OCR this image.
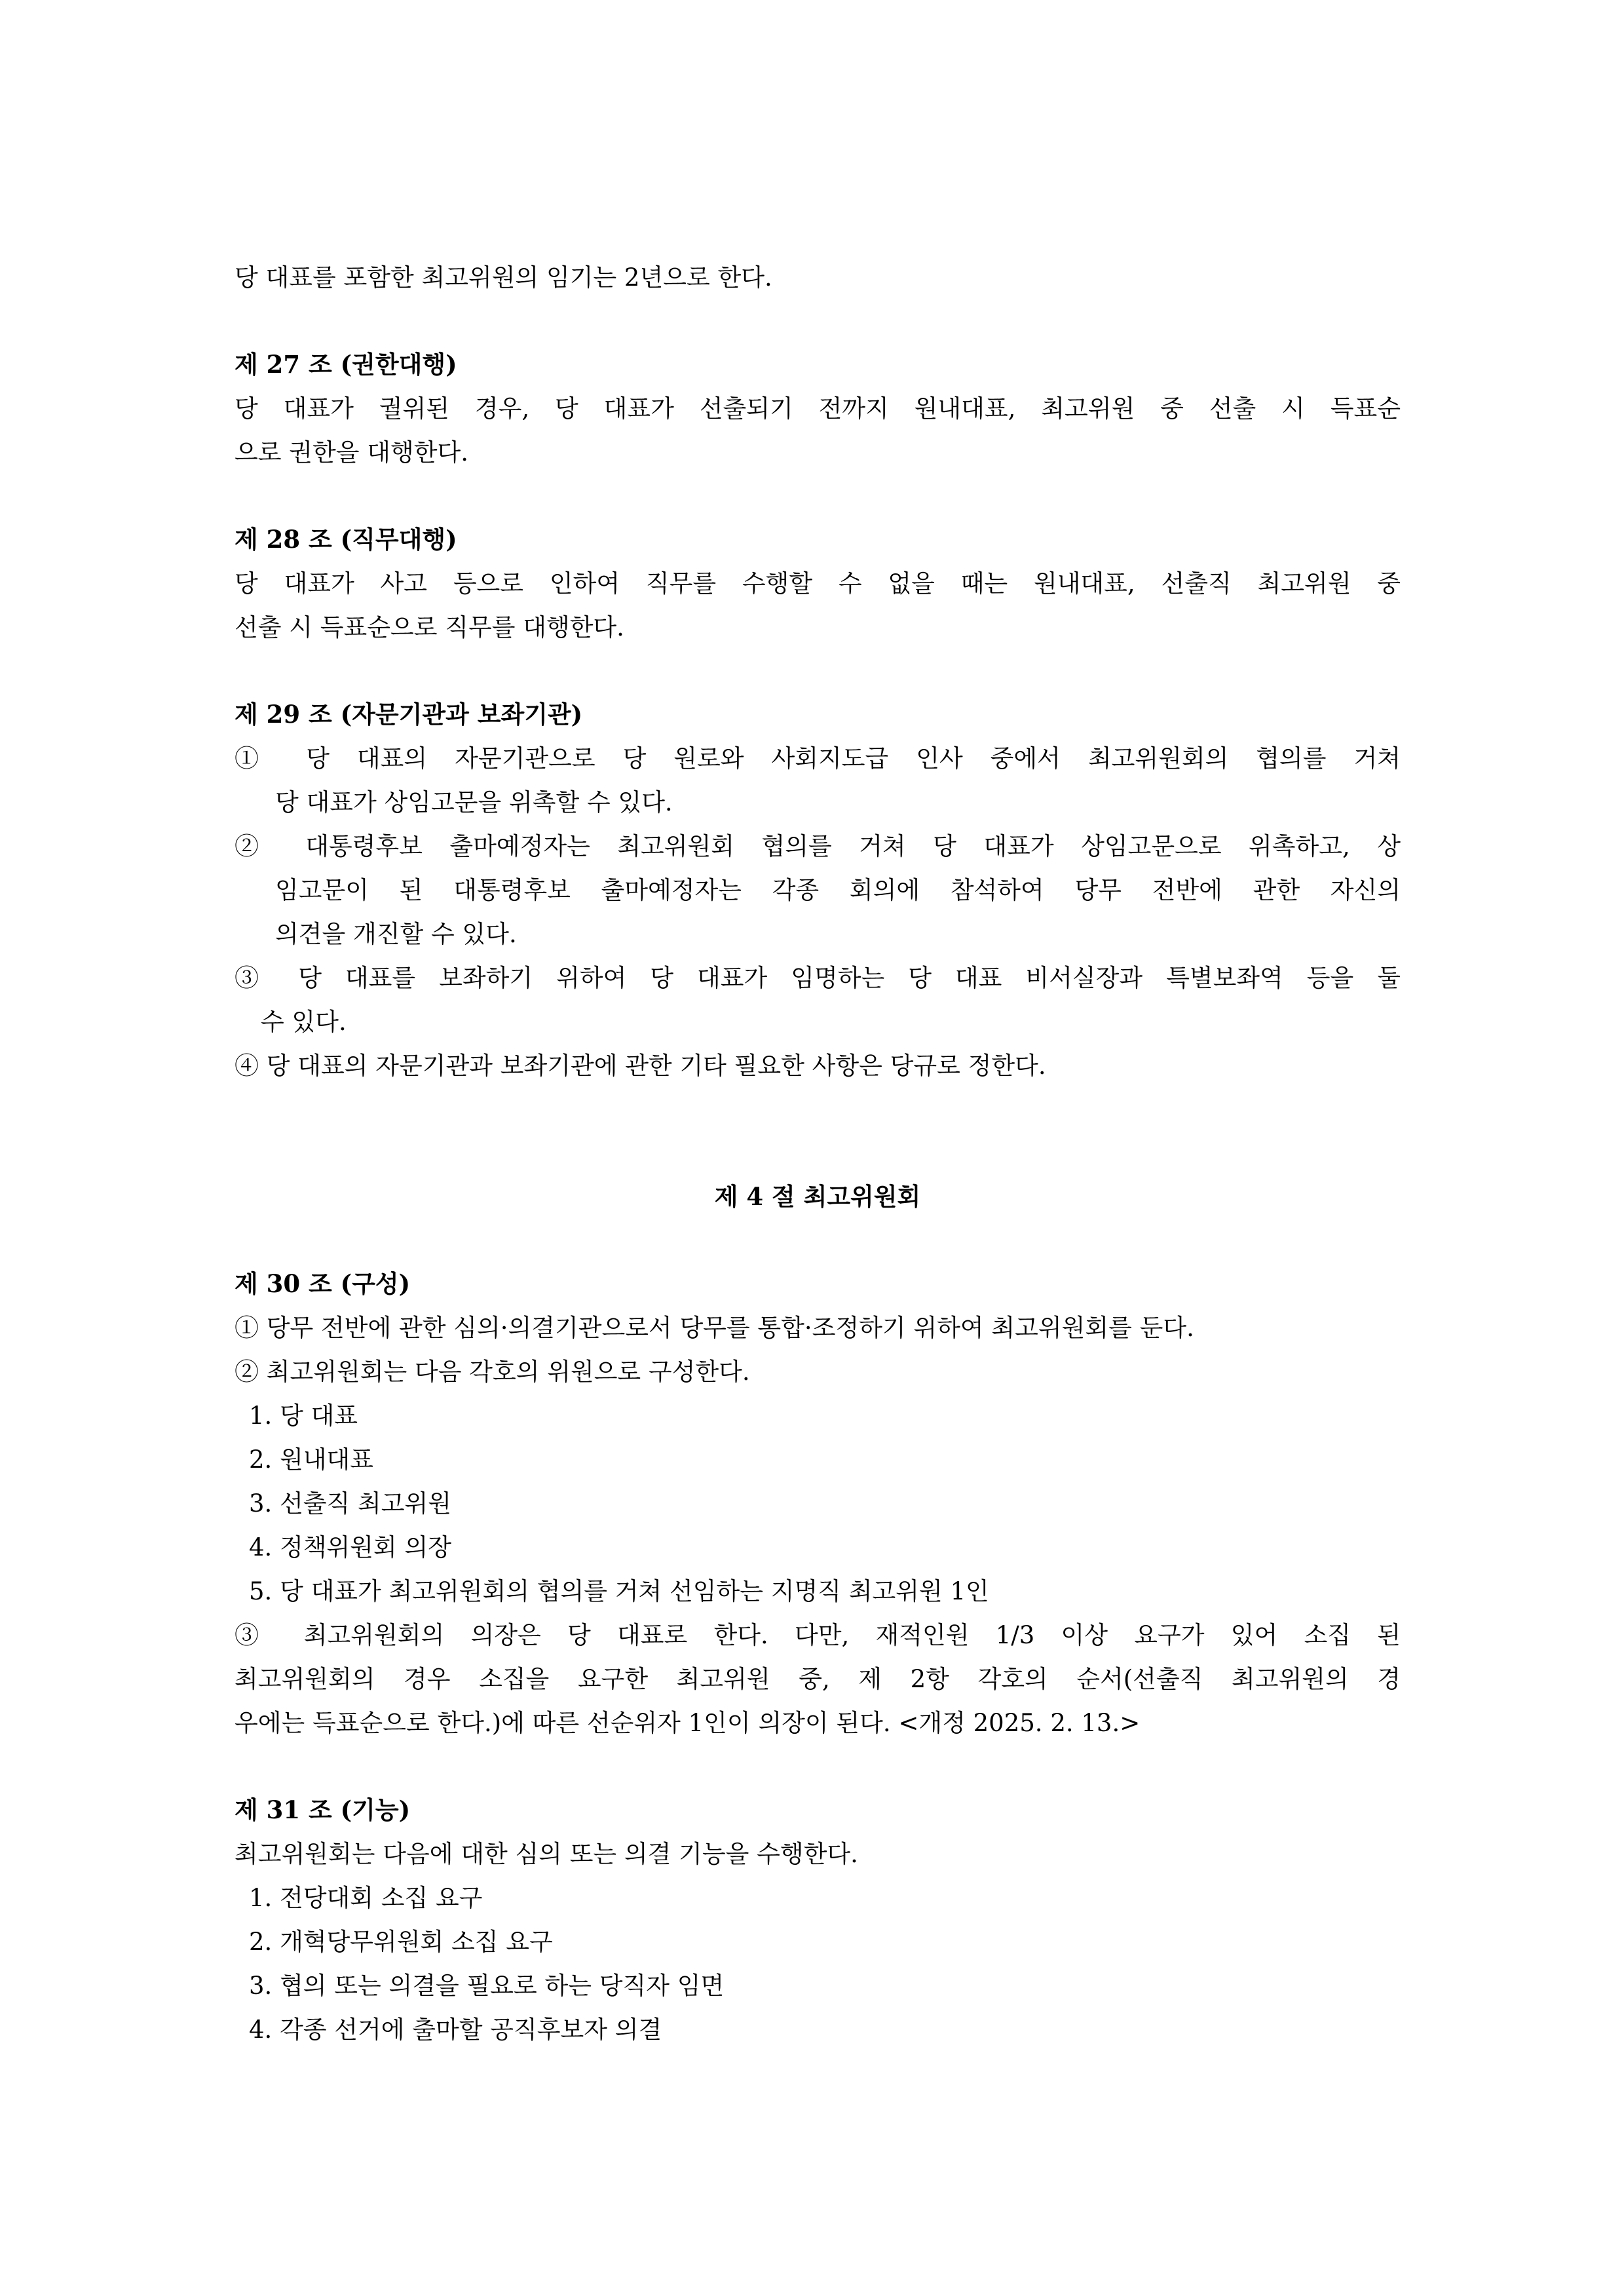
당 대표를 포함한 최고위원의 임기는 2년으로 한다.
제 27 조 (권한대행)
당 대표가 궐위된 경우, 당 대표가 선출되기 전까지 원내대표, 최고위원 중 선출 시 득표순
으로 권한을 대행한다.
제 28 조 (직무대행)
당 대표가 사고 등으로 인하여 직무를 수행할 수 없을 때는 원내대표, 선출직 최고위원 중
선출 시 득표순으로 직무를 대행한다.
제 29 조 (자문기관과 보좌기관)
① 당 대표의 자문기관으로 당 원로와 사회지도급 인사 중에서 최고위원회의 협의를 거쳐
당 대표가 상임고문을 위촉할 수 있다.
② 대통령후보 출마예정자는 최고위원회 협의를 거쳐 당 대표가 상임고문으로 위촉하고, 상
임고문이 된 대통령후보 출마예정자는 각종 회의에 참석하여 당무 전반에 관한 자신의
의견을 개진할 수 있다.
③ 당 대표를 보좌하기 위하여 당 대표가 임명하는 당 대표 비서실장과 특별보좌역 등을 둘
수 있다.
④ 당 대표의 자문기관과 보좌기관에 관한 기타 필요한 사항은 당규로 정한다.
제 4 절 최고위원회
제 30 조 (구성)
① 당무 전반에 관한 심의·의결기관으로서 당무를 통합·조정하기 위하여 최고위원회를 둔다.
② 최고위원회는 다음 각호의 위원으로 구성한다.
1. 당 대표
2. 원내대표
3. 선출직 최고위원
4. 정책위원회 의장
5. 당 대표가 최고위원회의 협의를 거쳐 선임하는 지명직 최고위원 1인
③ 최고위원회의 의장은 당 대표로 한다. 다만, 재적인원 1/3 이상 요구가 있어 소집 된
최고위원회의 경우 소집을 요구한 최고위원 중, 제 2항 각호의 순서(선출직 최고위원의 경
우에는 득표순으로 한다.)에 따른 선순위자 1인이 의장이 된다. <개정 2025. 2. 13.>
제 31 조 (기능)
최고위원회는 다음에 대한 심의 또는 의결 기능을 수행한다.
1. 전당대회 소집 요구
2. 개혁당무위원회 소집 요구
3. 협의 또는 의결을 필요로 하는 당직자 임면
4. 각종 선거에 출마할 공직후보자 의결
